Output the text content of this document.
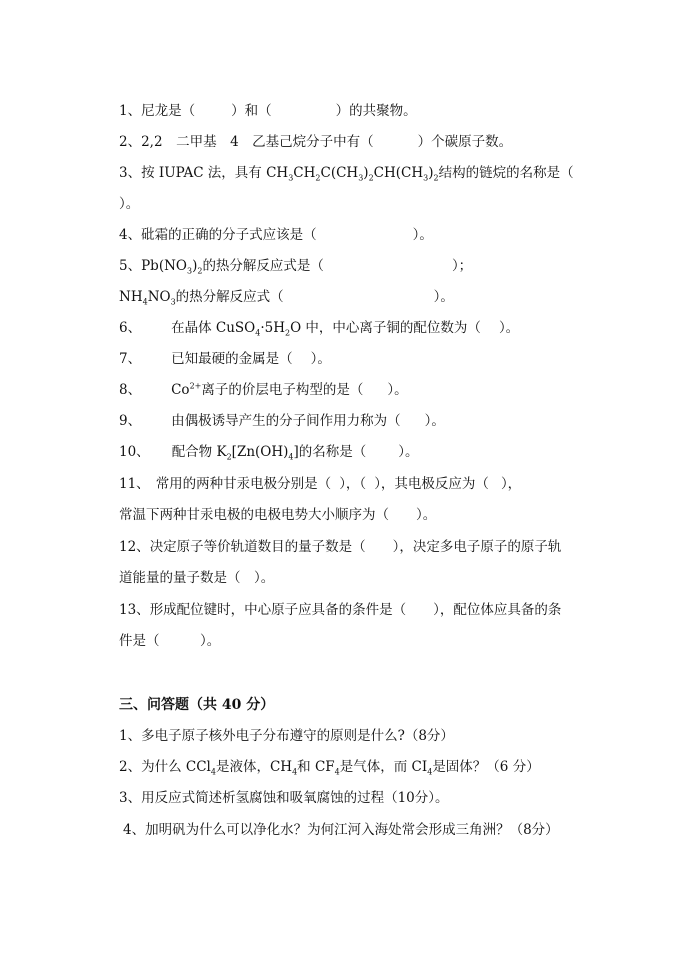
1、尼龙是（	）和（	）的共聚物。
2、2,2　二甲基　4　乙基己烷分子中有（	）个碳原子数。
3、按 IUPAC 法，具有 $CH_3CH_2C(CH_3)_2CH(CH_3)_2$结构的链烷的名称是（
）。
4、砒霜的正确的分子式应该是（	）。
5、$Pb(NO_3)_2$的热分解反应式是（	）；
$NH_4NO_3$的热分解反应式（	）。
6、 在晶体 $CuSO_4\cdot 5H_2O$ 中，中心离子铜的配位数为（ ）。
7、 已知最硬的金属是（ ）。
8、 $Co^{2+}$离子的价层电子构型的是（ ）。
9、 由偶极诱导产生的分子间作用力称为（ ）。
10、 配合物 $K_2[Zn(OH)_4]$的名称是（ ）。
11、 常用的两种甘汞电极分别是（ ），（ ），其电极反应为（ ），
常温下两种甘汞电极的电极电势大小顺序为（　　）。
12、决定原子等价轨道数目的量子数是（　　），决定多电子原子的原子轨
道能量的量子数是（　）。
13、形成配位键时，中心原子应具备的条件是（　　），配位体应具备的条
件是（　　　）。
三、问答题（共 40 分）
1、多电子原子核外电子分布遵守的原则是什么?（8分）
2、为什么 CCl$_4$是液体，$CH_4$和 $CF_4$是气体，而 $CI_4$是固体？（6 分）
3、用反应式简述析氢腐蚀和吸氧腐蚀的过程（10分）。
4、加明矾为什么可以净化水？为何江河入海处常会形成三角洲？（8分）
